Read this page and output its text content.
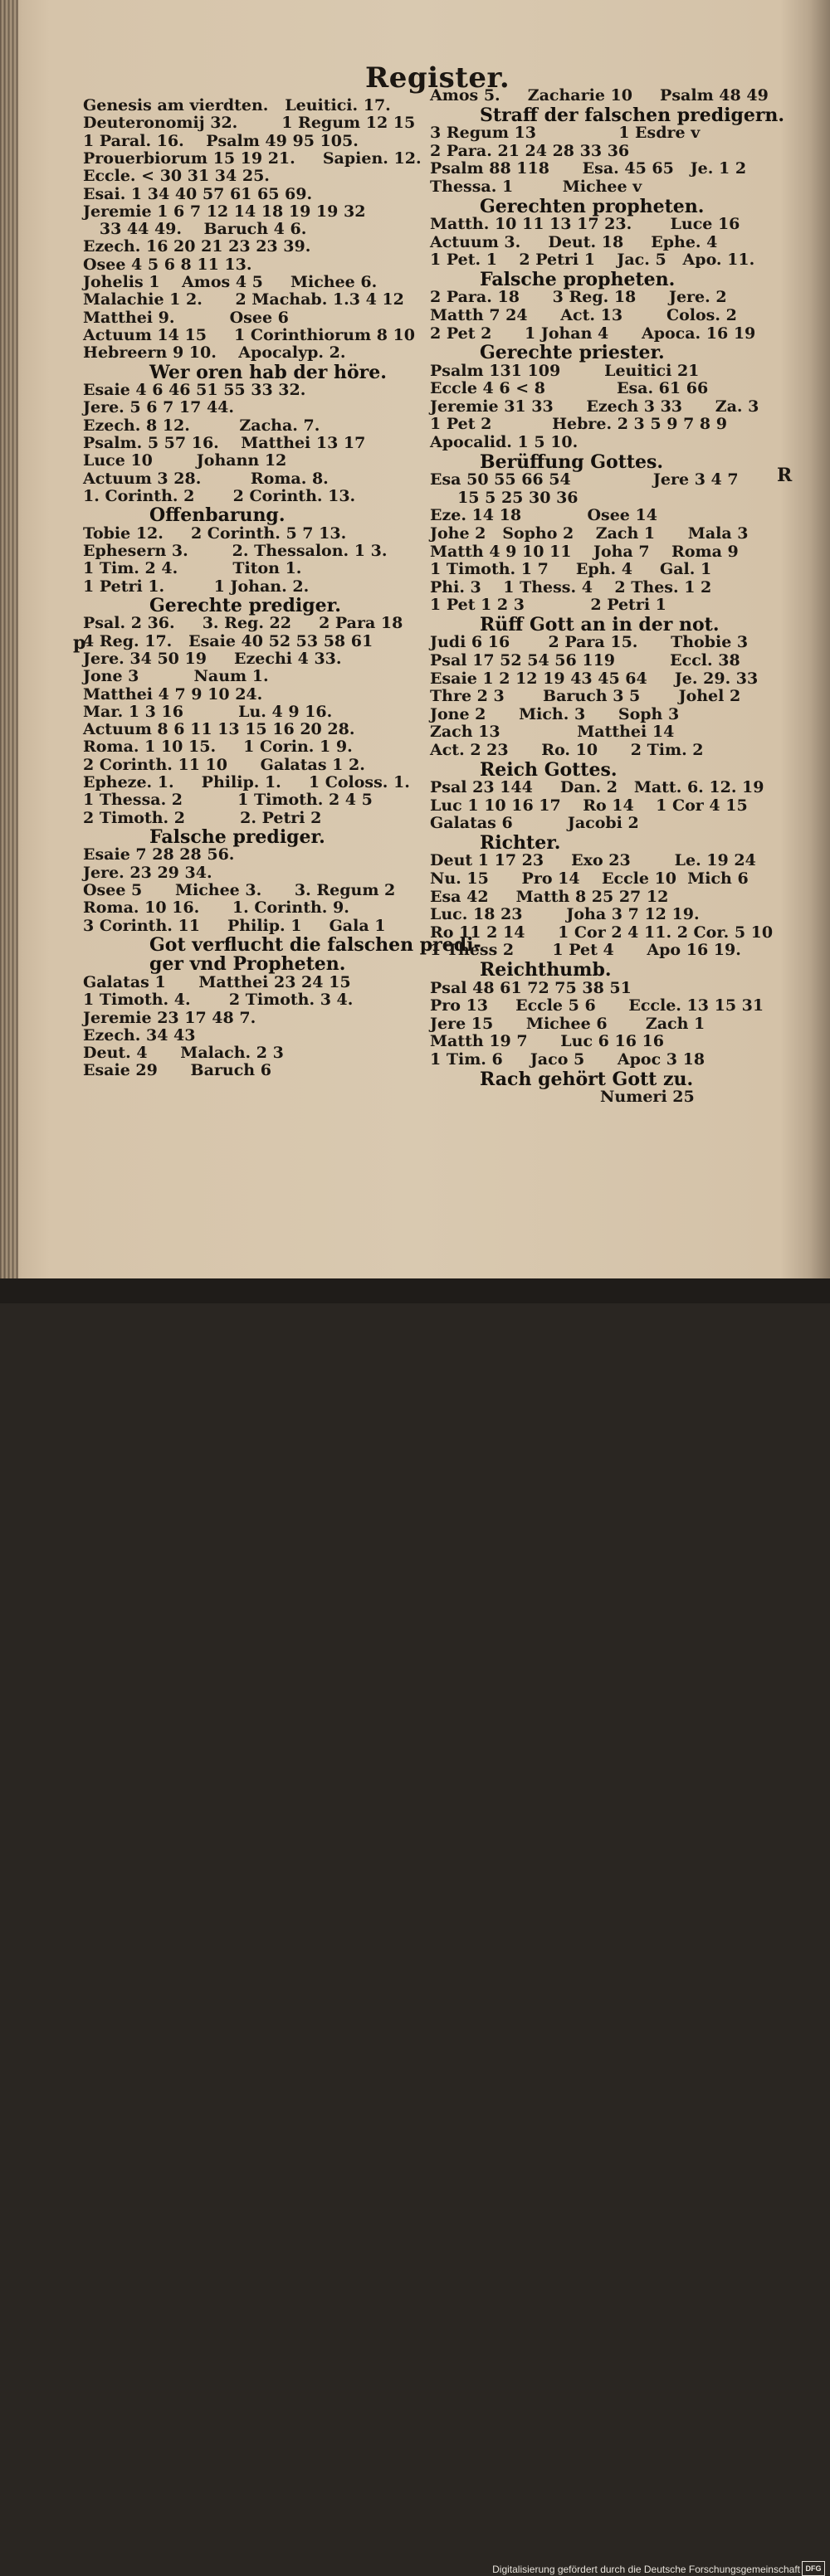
Register.
p
R
Genesis am vierdten.   Leuitici. 17.
Deuteronomij 32.        1 Regum 12 15
1 Paral. 16.    Psalm 49 95 105.
Prouerbiorum 15 19 21.     Sapien. 12.
Eccle. < 30 31 34 25.
Esai. 1 34 40 57 61 65 69.
Jeremie 1 6 7 12 14 18 19 19 32
33 44 49.    Baruch 4 6.
Ezech. 16 20 21 23 23 39.
Osee 4 5 6 8 11 13.
Johelis 1    Amos 4 5     Michee 6.
Malachie 1 2.      2 Machab. 1.3 4 12
Matthei 9.          Osee 6
Actuum 14 15     1 Corinthiorum 8 10
Hebreern 9 10.    Apocalyp. 2.
Wer oren hab der höre.
Esaie 4 6 46 51 55 33 32.
Jere. 5 6 7 17 44.
Ezech. 8 12.         Zacha. 7.
Psalm. 5 57 16.    Matthei 13 17
Luce 10        Johann 12
Actuum 3 28.         Roma. 8.
1. Corinth. 2       2 Corinth. 13.
Offenbarung.
Tobie 12.     2 Corinth. 5 7 13.
Ephesern 3.        2. Thessalon. 1 3.
1 Tim. 2 4.          Titon 1.
1 Petri 1.         1 Johan. 2.
Gerechte prediger.
Psal. 2 36.     3. Reg. 22     2 Para 18
4 Reg. 17.   Esaie 40 52 53 58 61
Jere. 34 50 19     Ezechi 4 33.
Jone 3          Naum 1.
Matthei 4 7 9 10 24.
Mar. 1 3 16          Lu. 4 9 16.
Actuum 8 6 11 13 15 16 20 28.
Roma. 1 10 15.     1 Corin. 1 9.
2 Corinth. 11 10      Galatas 1 2.
Epheze. 1.     Philip. 1.     1 Coloss. 1.
1 Thessa. 2          1 Timoth. 2 4 5
2 Timoth. 2          2. Petri 2
Falsche prediger.
Esaie 7 28 28 56.
Jere. 23 29 34.
Osee 5      Michee 3.      3. Regum 2
Roma. 10 16.      1. Corinth. 9.
3 Corinth. 11     Philip. 1     Gala 1
Got verflucht die falschen predi-
ger vnd Propheten.
Galatas 1      Matthei 23 24 15
1 Timoth. 4.       2 Timoth. 3 4.
Jeremie 23 17 48 7.
Ezech. 34 43
Deut. 4      Malach. 2 3
Esaie 29      Baruch 6
Amos 5.     Zacharie 10     Psalm 48 49
Straff der falschen predigern.
3 Regum 13               1 Esdre v
2 Para. 21 24 28 33 36
Psalm 88 118      Esa. 45 65   Je. 1 2
Thessa. 1         Michee v
Gerechten propheten.
Matth. 10 11 13 17 23.       Luce 16
Actuum 3.     Deut. 18     Ephe. 4
1 Pet. 1    2 Petri 1    Jac. 5   Apo. 11.
Falsche propheten.
2 Para. 18      3 Reg. 18      Jere. 2
Matth 7 24      Act. 13        Colos. 2
2 Pet 2      1 Johan 4      Apoca. 16 19
Gerechte priester.
Psalm 131 109        Leuitici 21
Eccle 4 6 < 8             Esa. 61 66
Jeremie 31 33      Ezech 3 33      Za. 3
1 Pet 2           Hebre. 2 3 5 9 7 8 9
Apocalid. 1 5 10.
Berüffung Gottes.
Esa 50 55 66 54               Jere 3 4 7
15 5 25 30 36
Eze. 14 18            Osee 14
Johe 2   Sopho 2    Zach 1      Mala 3
Matth 4 9 10 11    Joha 7    Roma 9
1 Timoth. 1 7     Eph. 4     Gal. 1
Phi. 3    1 Thess. 4    2 Thes. 1 2
1 Pet 1 2 3            2 Petri 1
Rüff Gott an in der not.
Judi 6 16       2 Para 15.      Thobie 3
Psal 17 52 54 56 119          Eccl. 38
Esaie 1 2 12 19 43 45 64     Je. 29. 33
Thre 2 3       Baruch 3 5       Johel 2
Jone 2      Mich. 3      Soph 3
Zach 13              Matthei 14
Act. 2 23      Ro. 10      2 Tim. 2
Reich Gottes.
Psal 23 144     Dan. 2   Matt. 6. 12. 19
Luc 1 10 16 17    Ro 14    1 Cor 4 15
Galatas 6          Jacobi 2
Richter.
Deut 1 17 23     Exo 23        Le. 19 24
Nu. 15      Pro 14    Eccle 10  Mich 6
Esa 42     Matth 8 25 27 12
Luc. 18 23        Joha 3 7 12 19.
Ro 11 2 14      1 Cor 2 4 11. 2 Cor. 5 10
1 Thess 2       1 Pet 4      Apo 16 19.
Reichthumb.
Psal 48 61 72 75 38 51
Pro 13     Eccle 5 6      Eccle. 13 15 31
Jere 15      Michee 6       Zach 1
Matth 19 7      Luc 6 16 16
1 Tim. 6     Jaco 5      Apoc 3 18
Rach gehört Gott zu.
Numeri 25
Digitalisierung gefördert durch die Deutsche Forschungsgemeinschaft DFG
